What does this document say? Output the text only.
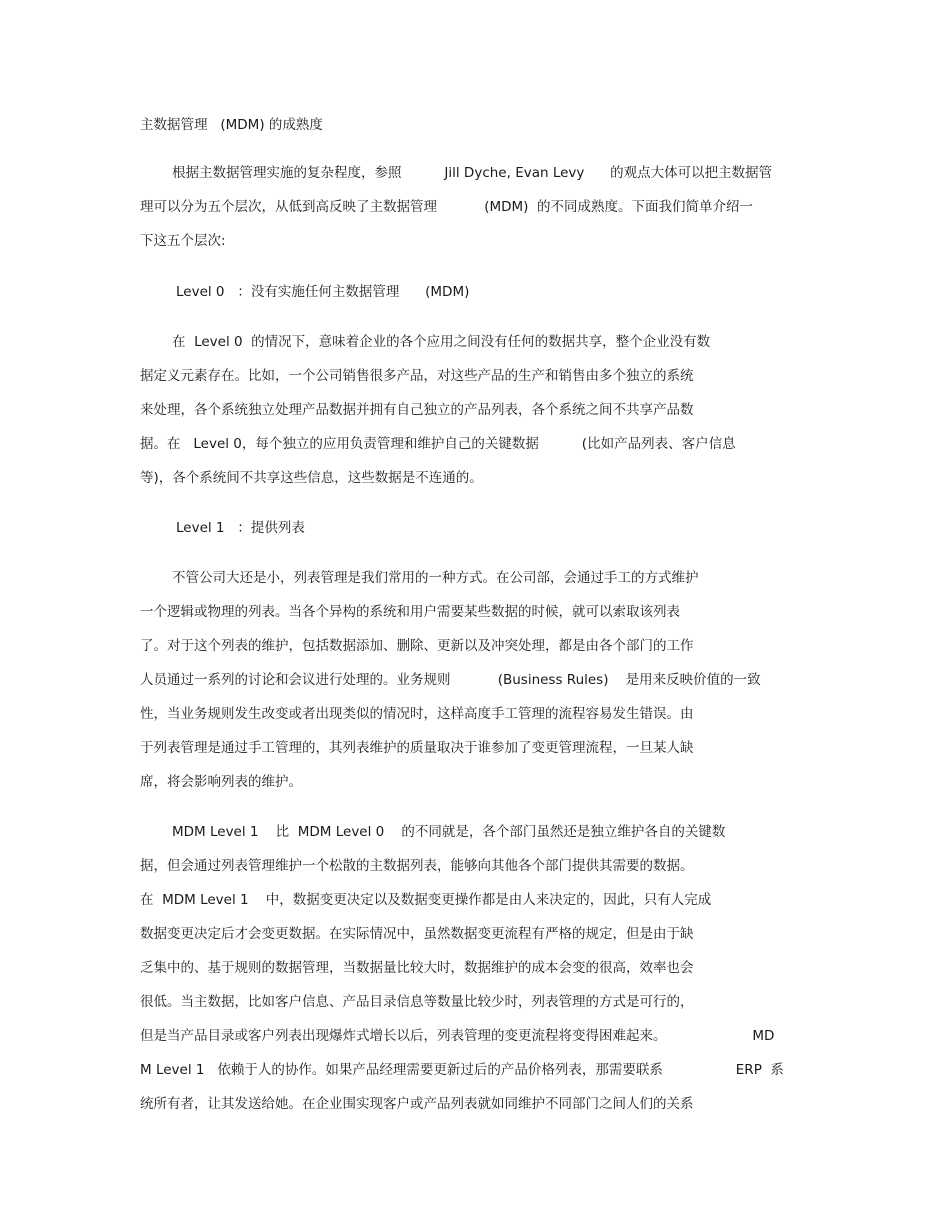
主数据管理   (MDM) 的成熟度

根据主数据管理实施的复杂程度，参照          Jill Dyche, Evan Levy      的观点大体可以把主数据管

理可以分为五个层次，从低到高反映了主数据管理           (MDM)  的不同成熟度。下面我们简单介绍一

下这五个层次:

Level 0   ：没有实施任何主数据管理      (MDM)

在  Level 0  的情况下，意味着企业的各个应用之间没有任何的数据共享，整个企业没有数

据定义元素存在。比如，一个公司销售很多产品，对这些产品的生产和销售由多个独立的系统

来处理，各个系统独立处理产品数据并拥有自己独立的产品列表，各个系统之间不共享产品数

据。在   Level 0，每个独立的应用负责管理和维护自己的关键数据          (比如产品列表、客户信息

等)，各个系统间不共享这些信息，这些数据是不连通的。

Level 1   ：提供列表

不管公司大还是小，列表管理是我们常用的一种方式。在公司部，会通过手工的方式维护

一个逻辑或物理的列表。当各个异构的系统和用户需要某些数据的时候，就可以索取该列表

了。对于这个列表的维护，包括数据添加、删除、更新以及冲突处理，都是由各个部门的工作

人员通过一系列的讨论和会议进行处理的。业务规则           (Business Rules)    是用来反映价值的一致

性，当业务规则发生改变或者出现类似的情况时，这样高度手工管理的流程容易发生错误。由

于列表管理是通过手工管理的，其列表维护的质量取决于谁参加了变更管理流程，一旦某人缺

席，将会影响列表的维护。

MDM Level 1    比  MDM Level 0    的不同就是，各个部门虽然还是独立维护各自的关键数

据，但会通过列表管理维护一个松散的主数据列表，能够向其他各个部门提供其需要的数据。

在  MDM Level 1    中，数据变更决定以及数据变更操作都是由人来决定的，因此，只有人完成

数据变更决定后才会变更数据。在实际情况中，虽然数据变更流程有严格的规定，但是由于缺

乏集中的、基于规则的数据管理，当数据量比较大时，数据维护的成本会变的很高，效率也会

很低。当主数据，比如客户信息、产品目录信息等数量比较少时，列表管理的方式是可行的，

但是当产品目录或客户列表出现爆炸式增长以后，列表管理的变更流程将变得困难起来。                    MD

M Level 1   依赖于人的协作。如果产品经理需要更新过后的产品价格列表，那需要联系                 ERP  系

统所有者，让其发送给她。在企业围实现客户或产品列表就如同维护不同部门之间人们的关系
